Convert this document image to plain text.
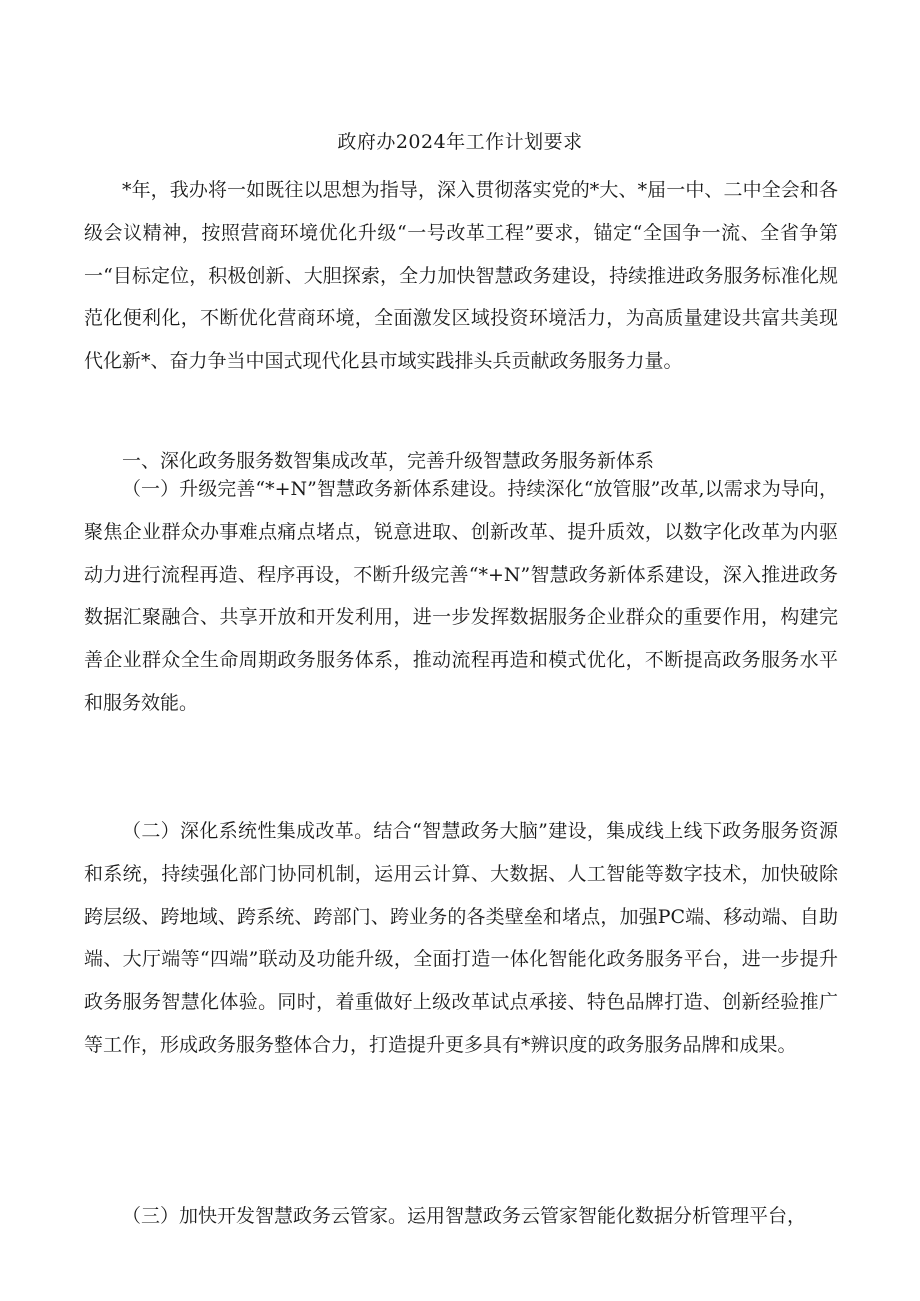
政府办2024年工作计划要求

*年，我办将一如既往以思想为指导，深入贯彻落实党的*大、*届一中、二中全会和各级会议精神，按照营商环境优化升级“一号改革工程”要求，锚定“全国争一流、全省争第一“目标定位，积极创新、大胆探索，全力加快智慧政务建设，持续推进政务服务标准化规范化便利化，不断优化营商环境，全面激发区域投资环境活力，为高质量建设共富共美现代化新*、奋力争当中国式现代化县市域实践排头兵贡献政务服务力量。

一、深化政务服务数智集成改革，完善升级智慧政务服务新体系

（一）升级完善“*+N”智慧政务新体系建设。持续深化“放管服”改革,以需求为导向，聚焦企业群众办事难点痛点堵点，锐意进取、创新改革、提升质效，以数字化改革为内驱动力进行流程再造、程序再设，不断升级完善“*+N”智慧政务新体系建设，深入推进政务数据汇聚融合、共享开放和开发利用，进一步发挥数据服务企业群众的重要作用，构建完善企业群众全生命周期政务服务体系，推动流程再造和模式优化，不断提高政务服务水平和服务效能。

（二）深化系统性集成改革。结合“智慧政务大脑”建设，集成线上线下政务服务资源和系统，持续强化部门协同机制，运用云计算、大数据、人工智能等数字技术，加快破除跨层级、跨地域、跨系统、跨部门、跨业务的各类壁垒和堵点，加强PC端、移动端、自助端、大厅端等“四端”联动及功能升级，全面打造一体化智能化政务服务平台，进一步提升政务服务智慧化体验。同时，着重做好上级改革试点承接、特色品牌打造、创新经验推广等工作，形成政务服务整体合力，打造提升更多具有*辨识度的政务服务品牌和成果。

（三）加快开发智慧政务云管家。运用智慧政务云管家智能化数据分析管理平台，
